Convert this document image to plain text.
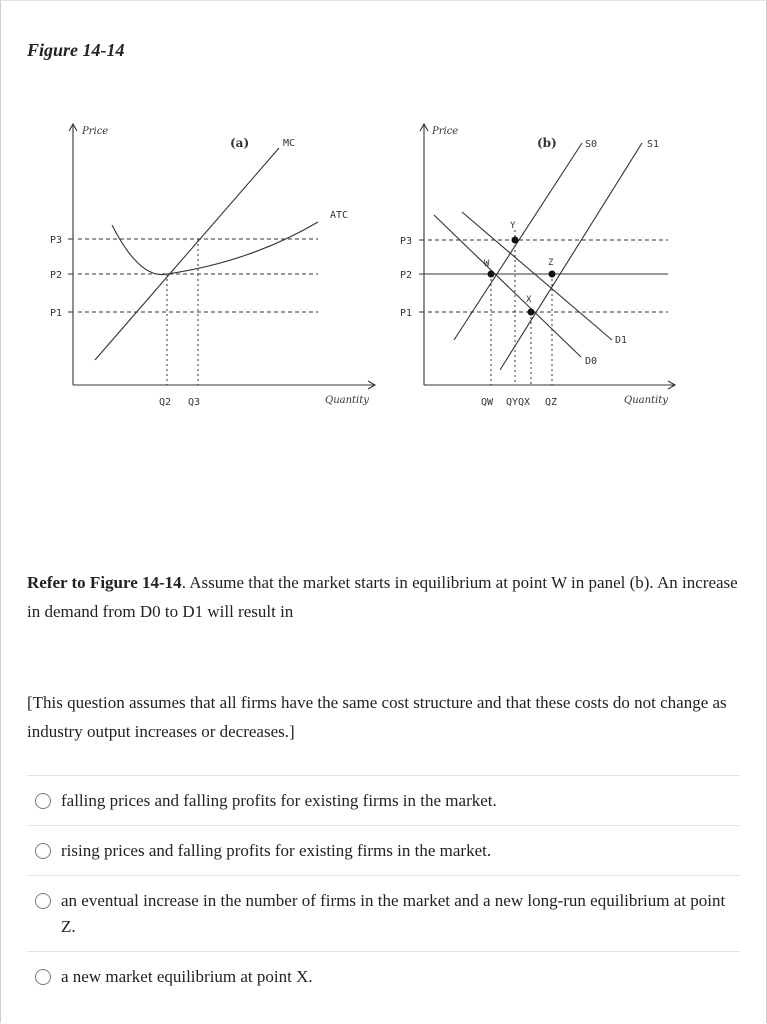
Figure 14-14
Price
(a)	MC
ATC
P3
P2
P1
Q2 Q3	Quantity
Price
(b)	S0	S1
D1
D0
W
Y
Z
X
P3
P2
P1
QW QYQX QZ	Quantity
Refer to Figure 14-14. Assume that the market starts in equilibrium at point W in panel (b). An increase in demand from D0 to D1 will result in
[This question assumes that all firms have the same cost structure and that these costs do not change as industry output increases or decreases.]
falling prices and falling profits for existing firms in the market.
rising prices and falling profits for existing firms in the market.
an eventual increase in the number of firms in the market and a new long-run equilibrium at point Z.
a new market equilibrium at point X.
